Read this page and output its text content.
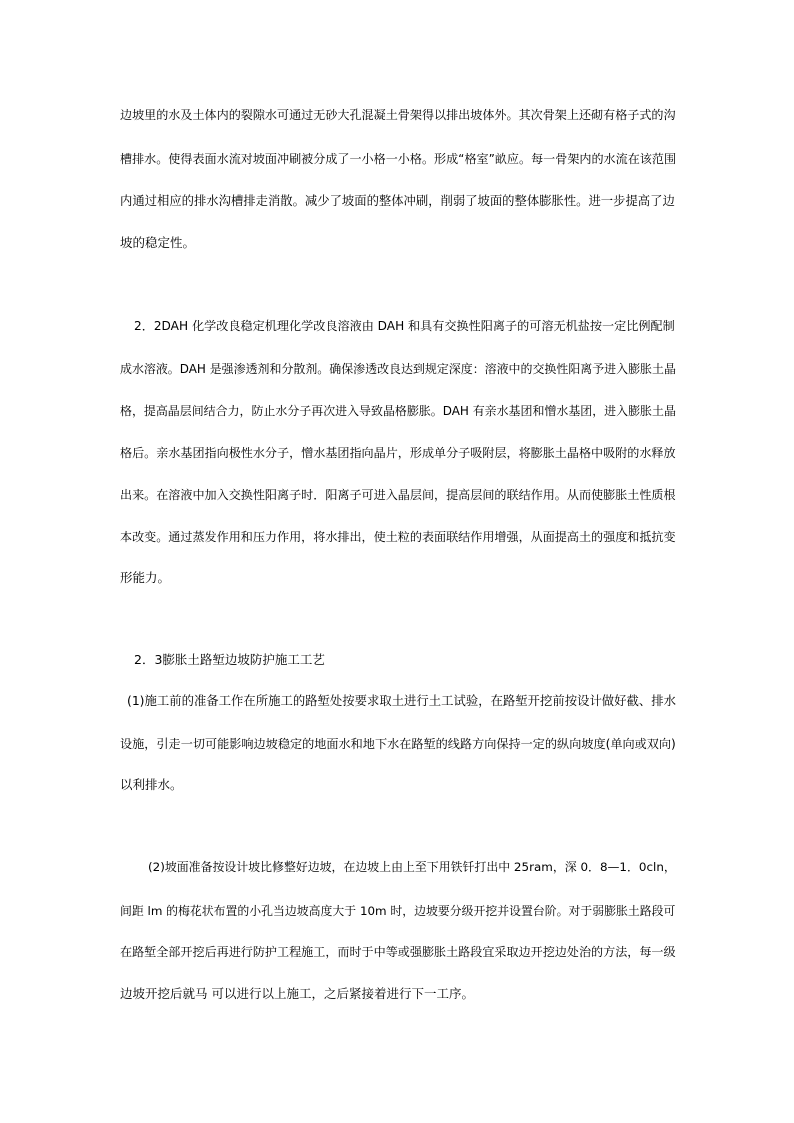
边坡里的水及土体内的裂隙水可通过无砂大孔混凝土骨架得以排出坡体外。其次骨架上还砌有格子式的沟
槽排水。使得表面水流对坡面冲刷被分成了一小格一小格。形成“格室”畝应。每一骨架内的水流在该范围
内通过相应的排水沟槽排走消散。减少了坡面的整体冲刷，削弱了坡面的整体膨胀性。进一步提高了边
坡的稳定性。
2．2DAH 化学改良稳定机理化学改良溶液由 DAH 和具有交换性阳离子的可溶无机盐按一定比例配制
成水溶液。DAH 是强渗透剂和分散剂。确保渗透改良达到规定深度：溶液中的交换性阳离予进入膨胀土晶
格，提高晶层间结合力，防止水分子再次进入导致晶格膨胀。DAH 有亲水基团和憎水基团，进入膨胀土晶
格后。亲水基团指向极性水分子，憎水基团指向晶片，形成单分子吸附层，将膨胀土晶格中吸附的水释放
出来。在溶液中加入交换性阳离子时．阳离子可进入晶层间，提高层间的联结作用。从而使膨胀土性质根
本改变。通过蒸发作用和压力作用，将水排出，使土粒的表面联结作用增强，从面提高土的强度和抵抗变
形能力。
2．3膨胀土路堑边坡防护施工工艺
(1)施工前的准备工作在所施工的路堑处按要求取土进行土工试验，在路堑开挖前按设计做好截、排水
设施，引走一切可能影响边坡稳定的地面水和地下水在路堑的线路方向保持一定的纵向坡度(单向或双向)
以利排水。
(2)坡面准备按设计坡比修整好边坡，在边坡上由上至下用铁钎打出中 25ram，深 0．8—1．0cln，
间距 lm 的梅花状布置的小孔当边坡高度大于 10m 时，边坡要分级开挖并设置台阶。对于弱膨胀土路段可
在路堑全部开挖后再进行防护工程施工，而时于中等或强膨胀土路段宜采取边开挖边处治的方法，每一级
边坡开挖后就马 可以进行以上施工，之后紧接着进行下一工序。
